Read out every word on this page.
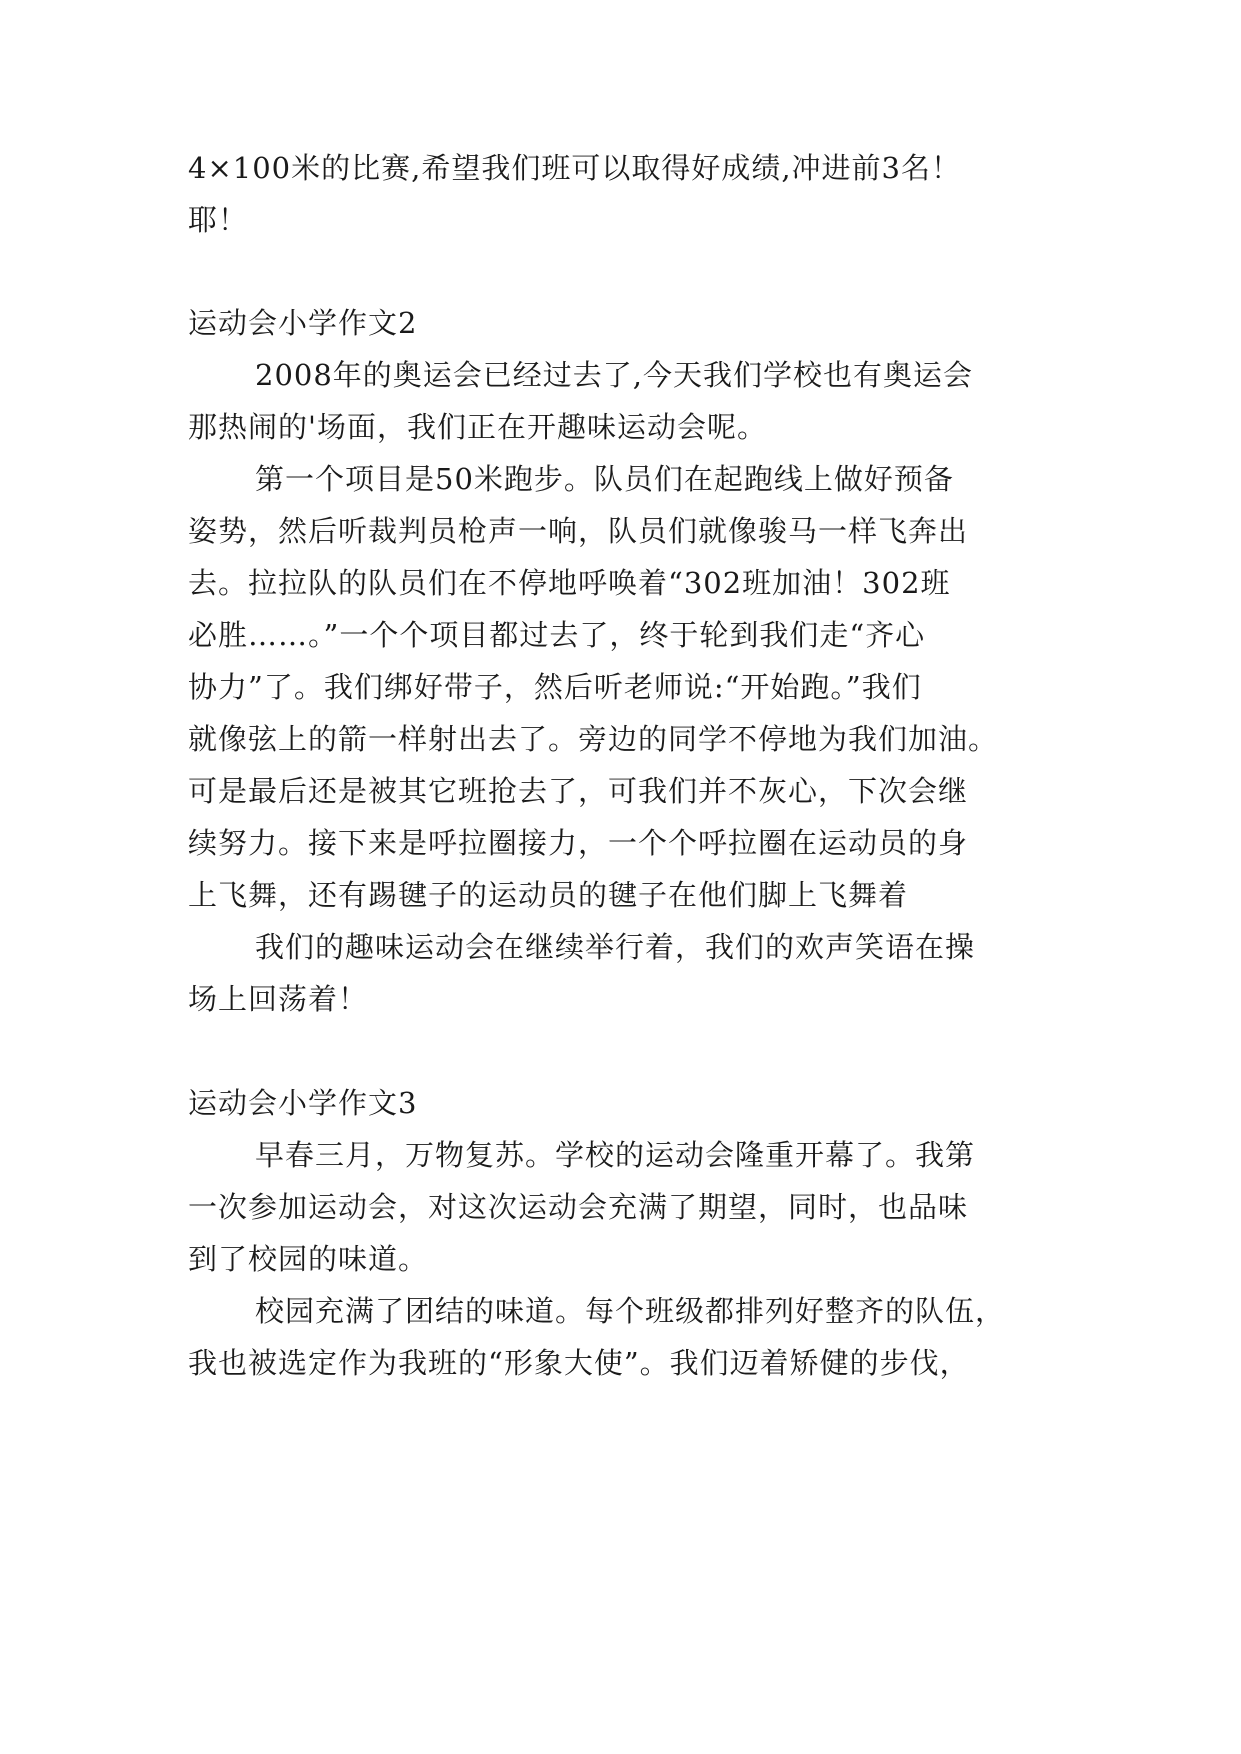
4×100米的比赛,希望我们班可以取得好成绩,冲进前3名！
耶！
运动会小学作文2
2008年的奥运会已经过去了,今天我们学校也有奥运会
那热闹的'场面，我们正在开趣味运动会呢。
第一个项目是50米跑步。队员们在起跑线上做好预备
姿势，然后听裁判员枪声一响，队员们就像骏马一样飞奔出
去。拉拉队的队员们在不停地呼唤着“302班加油！302班
必胜……。”一个个项目都过去了，终于轮到我们走“齐心
协力”了。我们绑好带子，然后听老师说:“开始跑。”我们
就像弦上的箭一样射出去了。旁边的同学不停地为我们加油。
可是最后还是被其它班抢去了，可我们并不灰心，下次会继
续努力。接下来是呼拉圈接力，一个个呼拉圈在运动员的身
上飞舞，还有踢毽子的运动员的毽子在他们脚上飞舞着
我们的趣味运动会在继续举行着，我们的欢声笑语在操
场上回荡着！
运动会小学作文3
早春三月，万物复苏。学校的运动会隆重开幕了。我第
一次参加运动会，对这次运动会充满了期望，同时，也品味
到了校园的味道。
校园充满了团结的味道。每个班级都排列好整齐的队伍，
我也被选定作为我班的“形象大使”。我们迈着矫健的步伐，
